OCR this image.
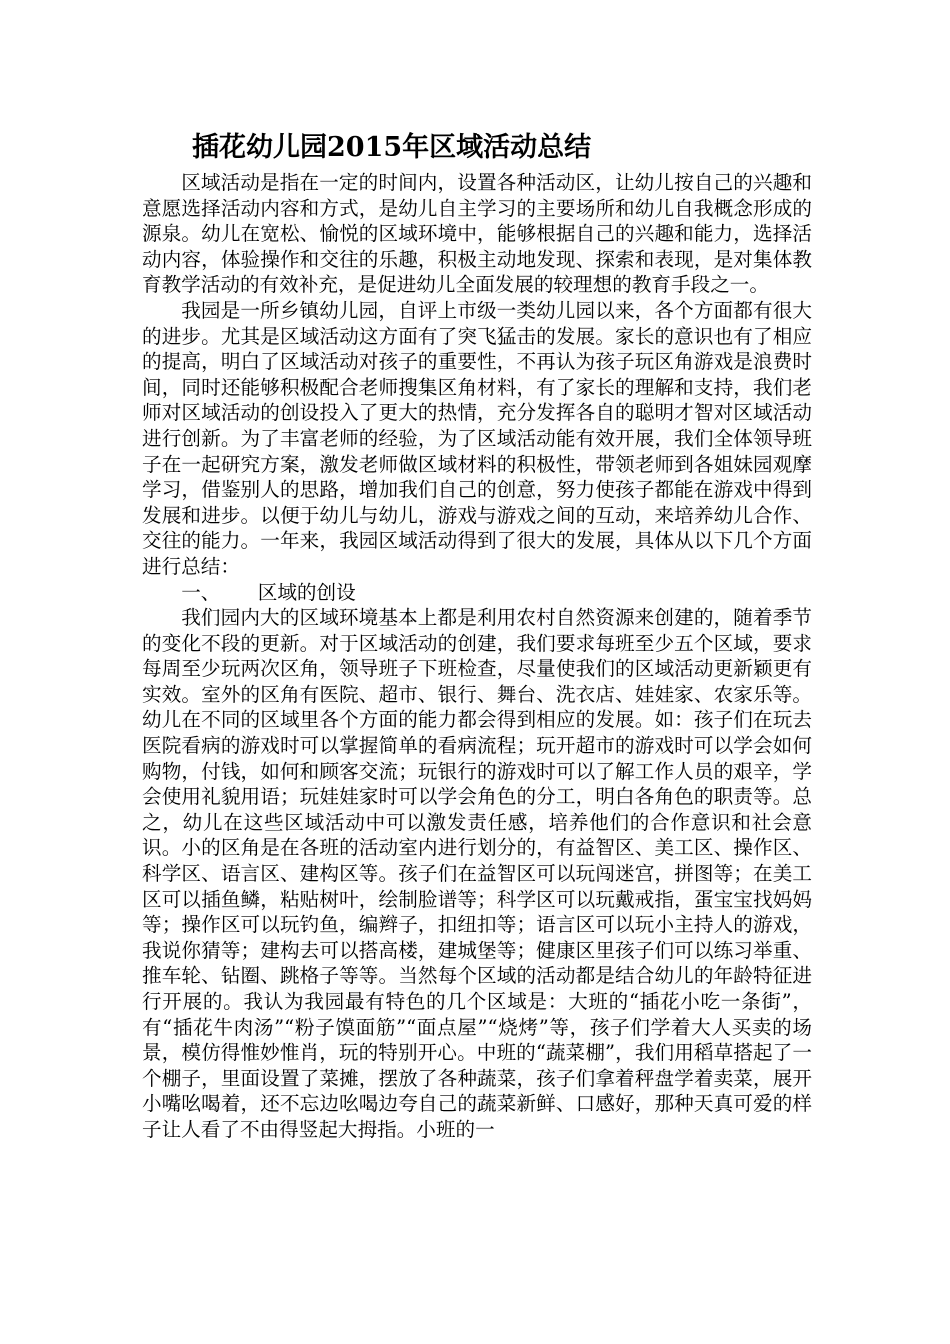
插花幼儿园2015年区域活动总结

区域活动是指在一定的时间内，设置各种活动区，让幼儿按自己的兴趣和意愿选择活动内容和方式，是幼儿自主学习的主要场所和幼儿自我概念形成的源泉。幼儿在宽松、愉悦的区域环境中，能够根据自己的兴趣和能力，选择活动内容，体验操作和交往的乐趣，积极主动地发现、探索和表现，是对集体教育教学活动的有效补充，是促进幼儿全面发展的较理想的教育手段之一。

我园是一所乡镇幼儿园，自评上市级一类幼儿园以来，各个方面都有很大的进步。尤其是区域活动这方面有了突飞猛击的发展。家长的意识也有了相应的提高，明白了区域活动对孩子的重要性，不再认为孩子玩区角游戏是浪费时间，同时还能够积极配合老师搜集区角材料，有了家长的理解和支持，我们老师对区域活动的创设投入了更大的热情，充分发挥各自的聪明才智对区域活动进行创新。为了丰富老师的经验，为了区域活动能有效开展，我们全体领导班子在一起研究方案，激发老师做区域材料的积极性，带领老师到各姐妹园观摩学习，借鉴别人的思路，增加我们自己的创意，努力使孩子都能在游戏中得到发展和进步。以便于幼儿与幼儿，游戏与游戏之间的互动，来培养幼儿合作、交往的能力。一年来，我园区域活动得到了很大的发展，具体从以下几个方面进行总结：

一、 区域的创设

我们园内大的区域环境基本上都是利用农村自然资源来创建的，随着季节的变化不段的更新。对于区域活动的创建，我们要求每班至少五个区域，要求每周至少玩两次区角，领导班子下班检查，尽量使我们的区域活动更新颖更有实效。室外的区角有医院、超市、银行、舞台、洗衣店、娃娃家、农家乐等。幼儿在不同的区域里各个方面的能力都会得到相应的发展。如：孩子们在玩去医院看病的游戏时可以掌握简单的看病流程；玩开超市的游戏时可以学会如何购物，付钱，如何和顾客交流；玩银行的游戏时可以了解工作人员的艰辛，学会使用礼貌用语；玩娃娃家时可以学会角色的分工，明白各角色的职责等。总之，幼儿在这些区域活动中可以激发责任感，培养他们的合作意识和社会意识。小的区角是在各班的活动室内进行划分的，有益智区、美工区、操作区、科学区、语言区、建构区等。孩子们在益智区可以玩闯迷宫，拼图等；在美工区可以插鱼鳞，粘贴树叶，绘制脸谱等；科学区可以玩戴戒指，蛋宝宝找妈妈等；操作区可以玩钓鱼，编辫子，扣纽扣等；语言区可以玩小主持人的游戏，我说你猜等；建构去可以搭高楼，建城堡等；健康区里孩子们可以练习举重、推车轮、钻圈、跳格子等等。当然每个区域的活动都是结合幼儿的年龄特征进行开展的。我认为我园最有特色的几个区域是：大班的“插花小吃一条街”，有“插花牛肉汤”“粉子馍面筋”“面点屋”“烧烤”等，孩子们学着大人买卖的场景，模仿得惟妙惟肖，玩的特别开心。中班的“蔬菜棚”，我们用稻草搭起了一个棚子，里面设置了菜摊，摆放了各种蔬菜，孩子们拿着秤盘学着卖菜，展开小嘴吆喝着，还不忘边吆喝边夸自己的蔬菜新鲜、口感好，那种天真可爱的样子让人看了不由得竖起大拇指。小班的一
